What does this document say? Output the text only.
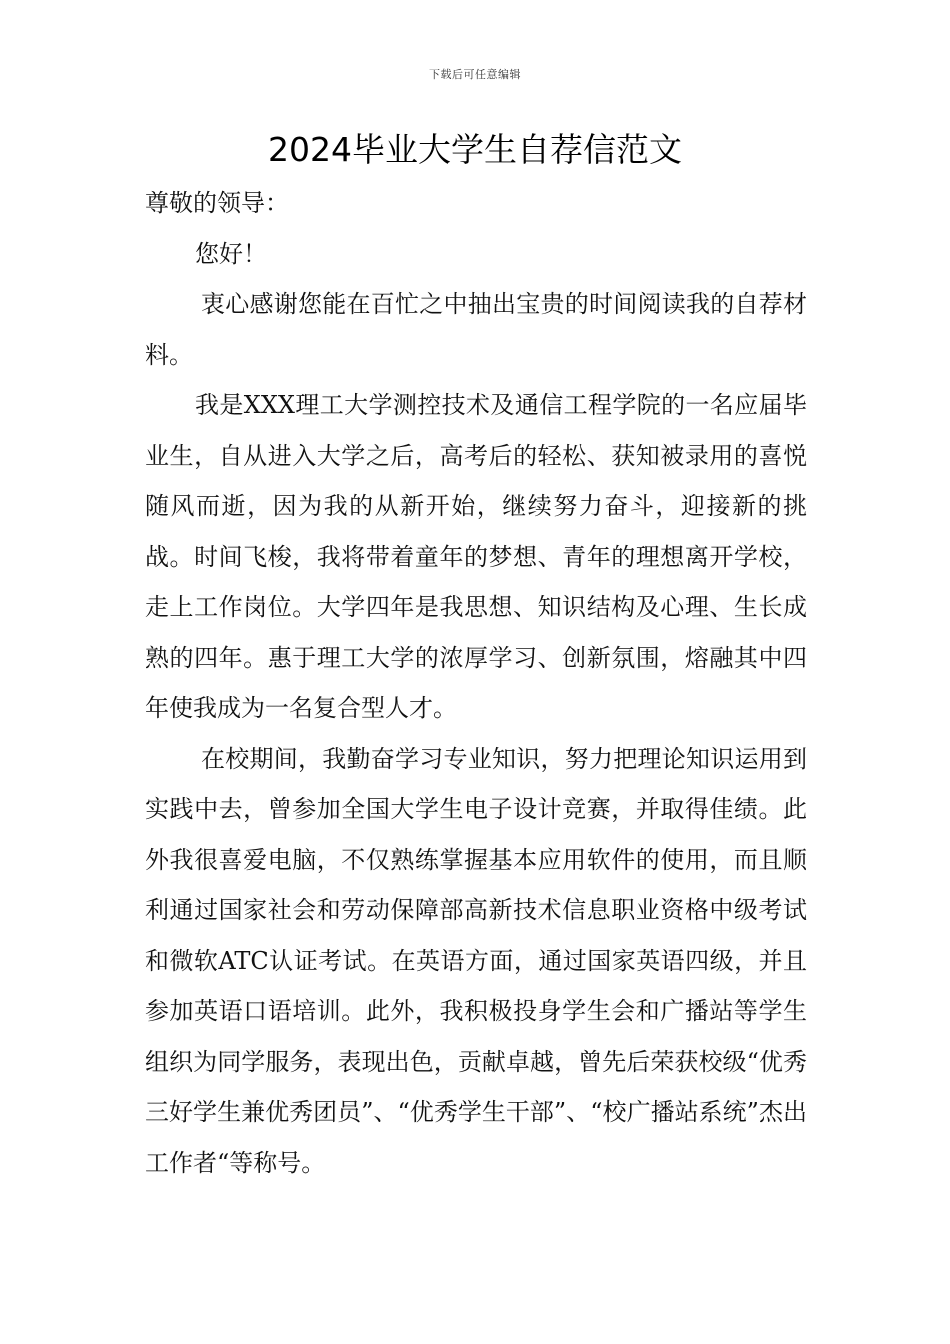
下载后可任意编辑
2024毕业大学生自荐信范文

尊敬的领导：

您好！

衷心感谢您能在百忙之中抽出宝贵的时间阅读我的自荐材料。

我是XXX理工大学测控技术及通信工程学院的一名应届毕业生，自从进入大学之后，高考后的轻松、获知被录用的喜悦随风而逝，因为我的从新开始，继续努力奋斗，迎接新的挑战。时间飞梭，我将带着童年的梦想、青年的理想离开学校，走上工作岗位。大学四年是我思想、知识结构及心理、生长成熟的四年。惠于理工大学的浓厚学习、创新氛围，熔融其中四年使我成为一名复合型人才。

在校期间，我勤奋学习专业知识，努力把理论知识运用到实践中去，曾参加全国大学生电子设计竞赛，并取得佳绩。此外我很喜爱电脑，不仅熟练掌握基本应用软件的使用，而且顺利通过国家社会和劳动保障部高新技术信息职业资格中级考试和微软ATC认证考试。在英语方面，通过国家英语四级，并且参加英语口语培训。此外，我积极投身学生会和广播站等学生组织为同学服务，表现出色，贡献卓越，曾先后荣获校级“优秀三好学生兼优秀团员”、“优秀学生干部”、“校广播站系统”杰出工作者“等称号。
